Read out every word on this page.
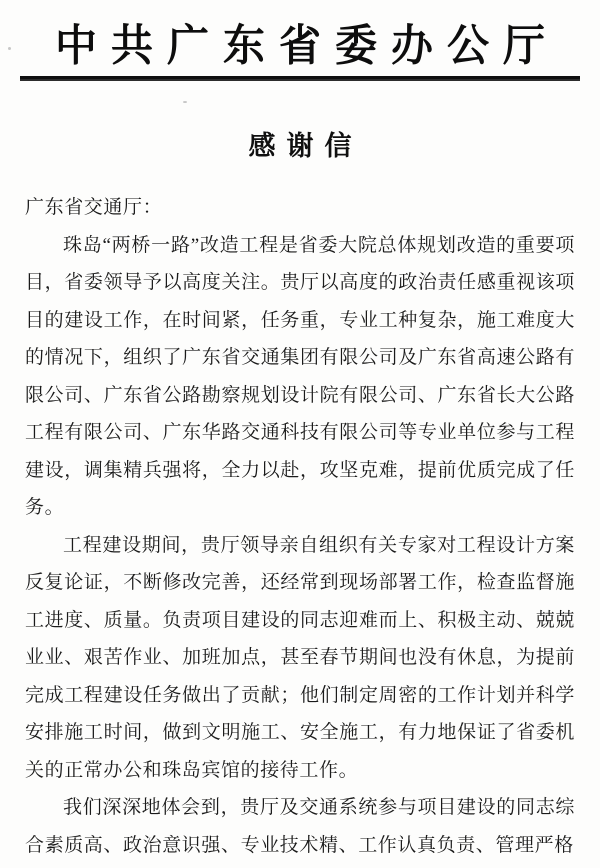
中共广东省委办公厅
感谢信

广东省交通厅：

珠岛“两桥一路”改造工程是省委大院总体规划改造的重要项目，省委领导予以高度关注。贵厅以高度的政治责任感重视该项目的建设工作，在时间紧，任务重，专业工种复杂，施工难度大的情况下，组织了广东省交通集团有限公司及广东省高速公路有限公司、广东省公路勘察规划设计院有限公司、广东省长大公路工程有限公司、广东华路交通科技有限公司等专业单位参与工程建设，调集精兵强将，全力以赴，攻坚克难，提前优质完成了任务。

工程建设期间，贵厅领导亲自组织有关专家对工程设计方案反复论证，不断修改完善，还经常到现场部署工作，检查监督施工进度、质量。负责项目建设的同志迎难而上、积极主动、兢兢业业、艰苦作业、加班加点，甚至春节期间也没有休息，为提前完成工程建设任务做出了贡献；他们制定周密的工作计划并科学安排施工时间，做到文明施工、安全施工，有力地保证了省委机关的正常办公和珠岛宾馆的接待工作。

我们深深地体会到，贵厅及交通系统参与项目建设的同志综合素质高、政治意识强、专业技术精、工作认真负责、管理严格
